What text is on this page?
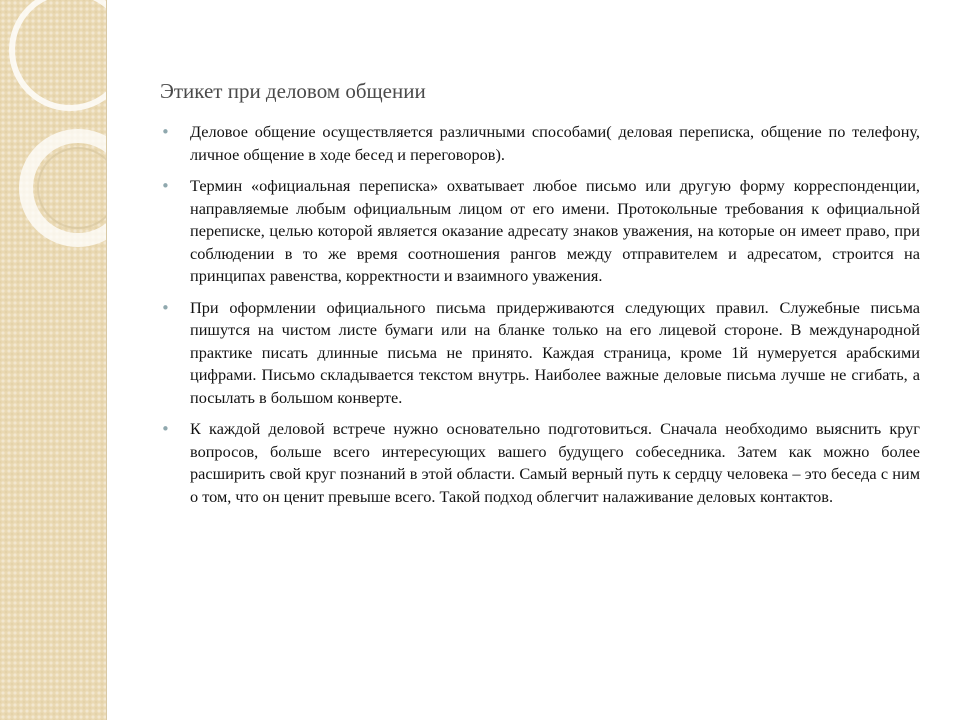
Этикет при деловом общении
• Деловое общение осуществляется различными способами( деловая переписка, общение по телефону, личное общение в ходе бесед и переговоров).
• Термин «официальная переписка» охватывает любое письмо или другую форму корреспонденции, направляемые любым официальным лицом от его имени. Протокольные требования к официальной переписке, целью которой является оказание адресату знаков уважения, на которые он имеет право, при соблюдении в то же время соотношения рангов между отправителем и адресатом, строится на принципах равенства, корректности и взаимного уважения.
• При оформлении официального письма придерживаются следующих правил. Служебные письма пишутся на чистом листе бумаги или на бланке только на его лицевой стороне. В международной практике писать длинные письма не принято. Каждая страница, кроме 1й нумеруется арабскими цифрами. Письмо складывается текстом внутрь. Наиболее важные деловые письма лучше не сгибать, а посылать в большом конверте.
• К каждой деловой встрече нужно основательно подготовиться. Сначала необходимо выяснить круг вопросов, больше всего интересующих вашего будущего собеседника. Затем как можно более расширить свой круг познаний в этой области. Самый верный путь к сердцу человека – это беседа с ним о том, что он ценит превыше всего. Такой подход облегчит налаживание деловых контактов.
